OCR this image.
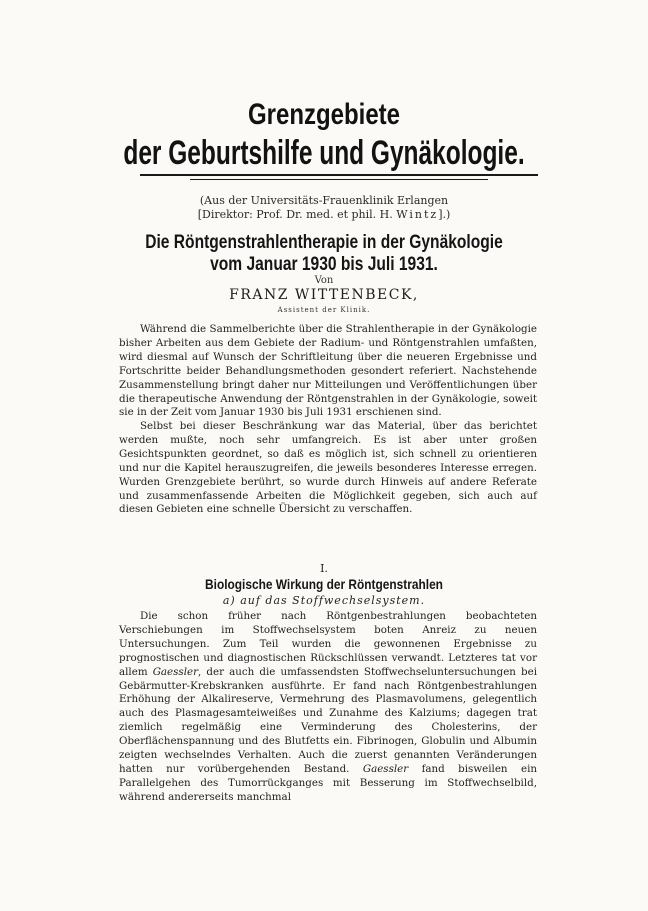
Grenzgebiete
der Geburtshilfe und Gynäkologie.
(Aus der Universitäts-Frauenklinik Erlangen
[Direktor: Prof. Dr. med. et phil. H. Wintz].)
Die Röntgenstrahlentherapie in der Gynäkologie
vom Januar 1930 bis Juli 1931.
Von
FRANZ WITTENBECK,
Assistent der Klinik.

Während die Sammelberichte über die Strahlentherapie in der Gynäkologie bisher Arbeiten aus dem Gebiete der Radium- und Röntgenstrahlen umfaßten, wird diesmal auf Wunsch der Schriftleitung über die neueren Ergebnisse und Fortschritte beider Behandlungsmethoden gesondert referiert. Nachstehende Zusammenstellung bringt daher nur Mitteilungen und Veröffentlichungen über die therapeutische Anwendung der Röntgenstrahlen in der Gynäkologie, soweit sie in der Zeit vom Januar 1930 bis Juli 1931 erschienen sind.

Selbst bei dieser Beschränkung war das Material, über das berichtet werden mußte, noch sehr umfangreich. Es ist aber unter großen Gesichtspunkten geordnet, so daß es möglich ist, sich schnell zu orientieren und nur die Kapitel herauszugreifen, die jeweils besonderes Interesse erregen. Wurden Grenzgebiete berührt, so wurde durch Hinweis auf andere Referate und zusammenfassende Arbeiten die Möglichkeit gegeben, sich auch auf diesen Gebieten eine schnelle Übersicht zu verschaffen.

I.
Biologische Wirkung der Röntgenstrahlen
a) auf das Stoffwechselsystem.

Die schon früher nach Röntgenbestrahlungen beobachteten Verschiebungen im Stoffwechselsystem boten Anreiz zu neuen Untersuchungen. Zum Teil wurden die gewonnenen Ergebnisse zu prognostischen und diagnostischen Rückschlüssen verwandt. Letzteres tat vor allem Gaessler, der auch die umfassendsten Stoffwechseluntersuchungen bei Gebärmutter-Krebskranken ausführte. Er fand nach Röntgenbestrahlungen Erhöhung der Alkalireserve, Vermehrung des Plasmavolumens, gelegentlich auch des Plasmagesamteiweißes und Zunahme des Kalziums; dagegen trat ziemlich regelmäßig eine Verminderung des Cholesterins, der Oberflächenspannung und des Blutfetts ein. Fibrinogen, Globulin und Albumin zeigten wechselndes Verhalten. Auch die zuerst genannten Veränderungen hatten nur vorübergehenden Bestand. Gaessler fand bisweilen ein Parallelgehen des Tumorrückganges mit Besserung im Stoffwechselbild, während andererseits manchmal
